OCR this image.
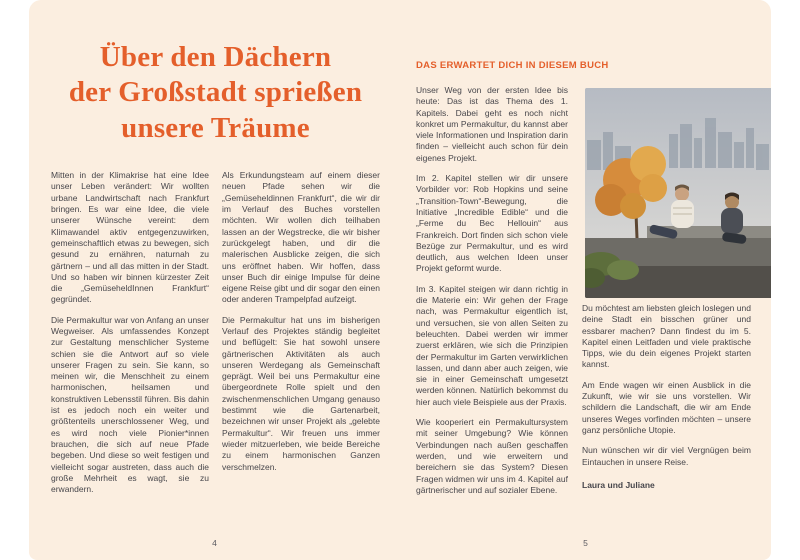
Über den Dächern
der Großstadt sprießen
unsere Träume

Mitten in der Klimakrise hat eine Idee unser Leben verändert: Wir wollten urbane Landwirtschaft nach Frankfurt bringen. Es war eine Idee, die viele unserer Wünsche vereint: dem Klimawandel aktiv entgegenzuwirken, gemeinschaftlich etwas zu bewegen, sich gesund zu ernähren, naturnah zu gärtnern – und all das mitten in der Stadt. Und so haben wir binnen kürzester Zeit die „GemüseheldInnen Frankfurt“ gegründet.

Die Permakultur war von Anfang an unser Wegweiser. Als umfassendes Konzept zur Gestaltung menschlicher Systeme schien sie die Antwort auf so viele unserer Fragen zu sein. Sie kann, so meinen wir, die Menschheit zu einem harmonischen, heilsamen und konstruktiven Lebensstil führen. Bis dahin ist es jedoch noch ein weiter und größtenteils unerschlossener Weg, und es wird noch viele Pionier*innen brauchen, die sich auf neue Pfade begeben. Und diese so weit festigen und vielleicht sogar austreten, dass auch die große Mehrheit es wagt, sie zu erwandern.

Als Erkundungsteam auf einem dieser neuen Pfade sehen wir die „Gemüseheldinnen Frankfurt“, die wir dir im Verlauf des Buches vorstellen möchten. Wir wollen dich teilhaben lassen an der Wegstrecke, die wir bisher zurückgelegt haben, und dir die malerischen Ausblicke zeigen, die sich uns eröffnet haben. Wir hoffen, dass unser Buch dir einige Impulse für deine eigene Reise gibt und dir sogar den einen oder anderen Trampelpfad aufzeigt.

Die Permakultur hat uns im bisherigen Verlauf des Projektes ständig begleitet und beflügelt: Sie hat sowohl unsere gärtnerischen Aktivitäten als auch unseren Werdegang als Gemeinschaft geprägt. Weil bei uns Permakultur eine übergeordnete Rolle spielt und den zwischenmenschlichen Umgang genauso bestimmt wie die Gartenarbeit, bezeichnen wir unser Projekt als „gelebte Permakultur“. Wir freuen uns immer wieder mitzuerleben, wie beide Bereiche zu einem harmonischen Ganzen verschmelzen.

4
DAS ERWARTET DICH IN DIESEM BUCH

Unser Weg von der ersten Idee bis heute: Das ist das Thema des 1. Kapitels. Dabei geht es noch nicht konkret um Permakultur, du kannst aber viele Informationen und Inspiration darin finden – vielleicht auch schon für dein eigenes Projekt.

Im 2. Kapitel stellen wir dir unsere Vorbilder vor: Rob Hopkins und seine „Transition-Town“-Bewegung, die Initiative „Incredible Edible“ und die „Ferme du Bec Hellouin“ aus Frankreich. Dort finden sich schon viele Bezüge zur Permakultur, und es wird deutlich, aus welchen Ideen unser Projekt geformt wurde.

Im 3. Kapitel steigen wir dann richtig in die Materie ein: Wir gehen der Frage nach, was Permakultur eigentlich ist, und versuchen, sie von allen Seiten zu beleuchten. Dabei werden wir immer zuerst erklären, wie sich die Prinzipien der Permakultur im Garten verwirklichen lassen, und dann aber auch zeigen, wie sie in einer Gemeinschaft umgesetzt werden können. Natürlich bekommst du hier auch viele Beispiele aus der Praxis.

Wie kooperiert ein Permakultursystem mit seiner Umgebung? Wie können Verbindungen nach außen geschaffen werden, und wie erweitern und bereichern sie das System? Diesen Fragen widmen wir uns im 4. Kapitel auf gärtnerischer und auf sozialer Ebene.

Du möchtest am liebsten gleich loslegen und deine Stadt ein bisschen grüner und essbarer machen? Dann findest du im 5. Kapitel einen Leitfaden und viele praktische Tipps, wie du dein eigenes Projekt starten kannst.

Am Ende wagen wir einen Ausblick in die Zukunft, wie wir sie uns vorstellen. Wir schildern die Landschaft, die wir am Ende unseres Weges vorfinden möchten – unsere ganz persönliche Utopie.

Nun wünschen wir dir viel Vergnügen beim Eintauchen in unsere Reise.

Laura und Juliane
5
